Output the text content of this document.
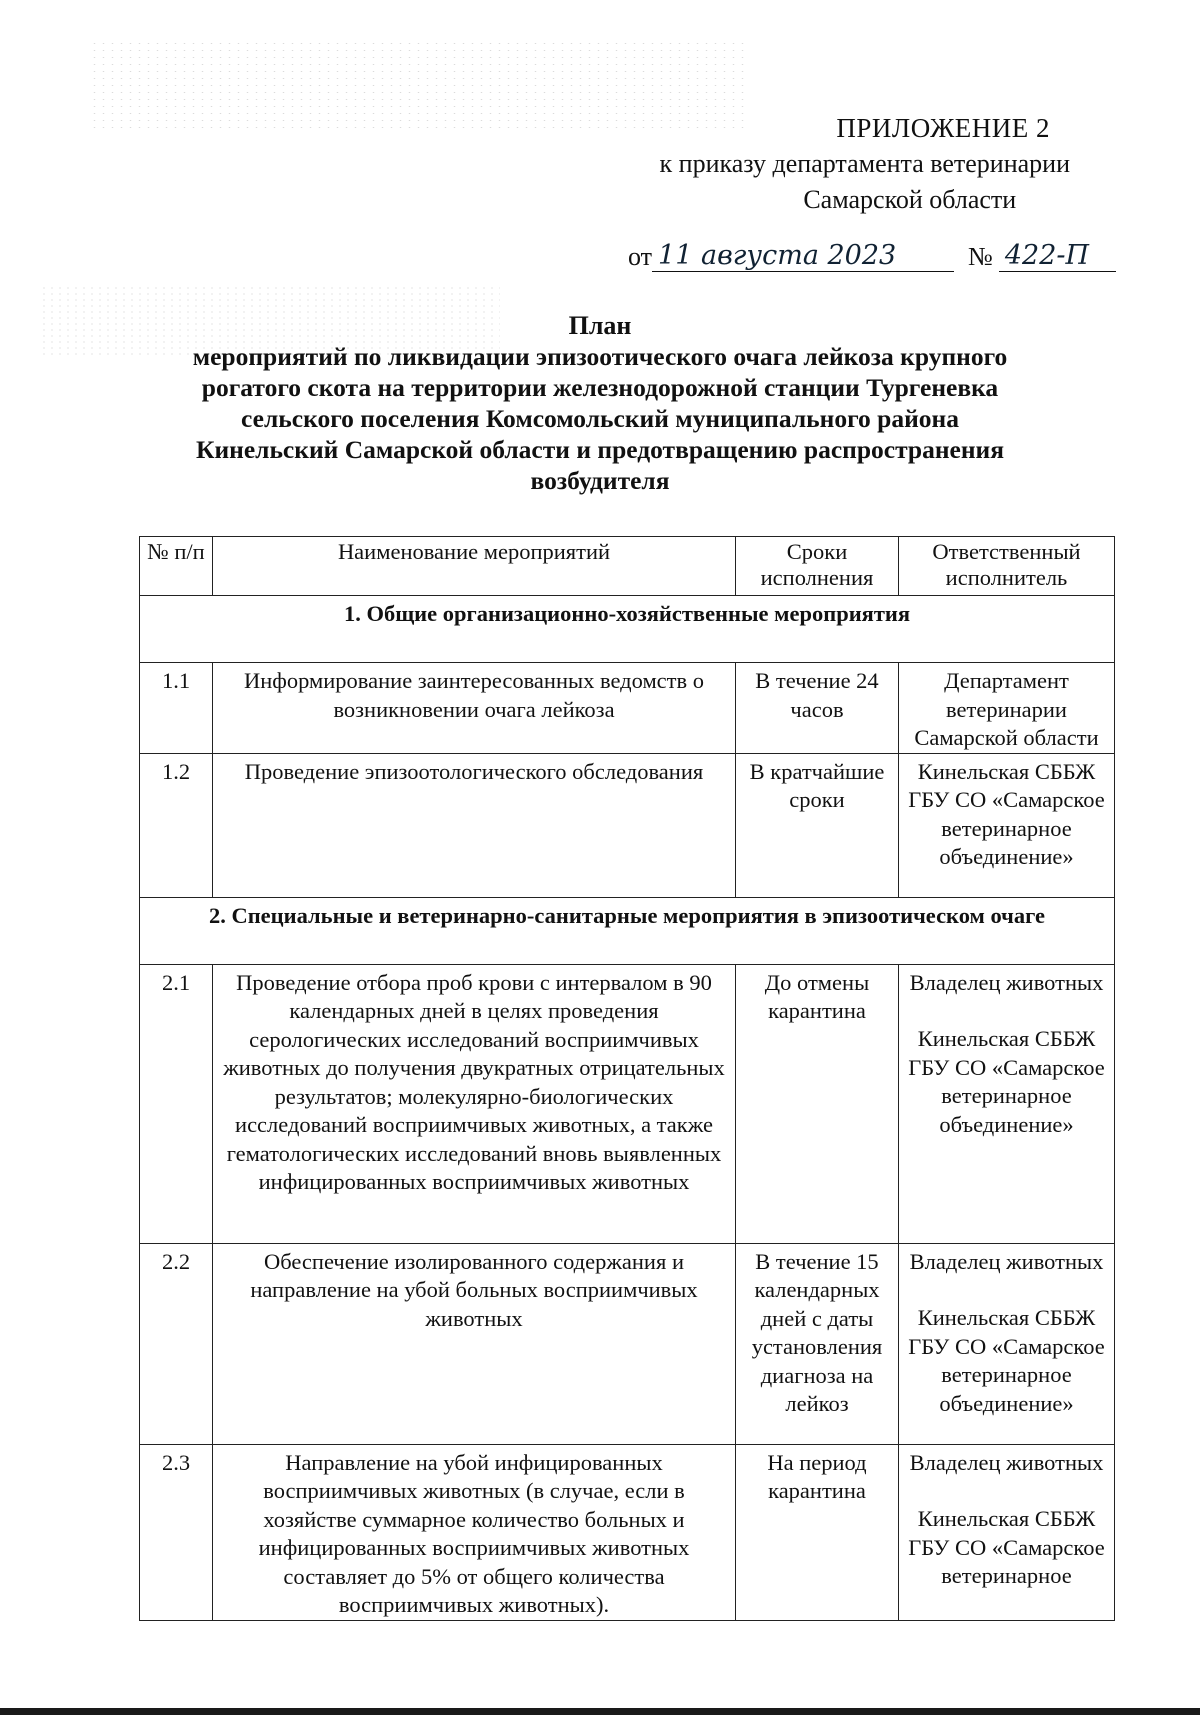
ПРИЛОЖЕНИЕ 2
к приказу департамента ветеринарии
Самарской области
от 11 августа 2023	№ 422-П
План
мероприятий по ликвидации эпизоотического очага лейкоза крупного
рогатого скота на территории железнодорожной станции Тургеневка
сельского поселения Комсомольский муниципального района
Кинельский Самарской области и предотвращению распространения
возбудителя
№ п/п	Наименование мероприятий	Сроки исполнения	Ответственный исполнитель
1. Общие организационно-хозяйственные мероприятия			
1.1	Информирование заинтересованных ведомств о возникновении очага лейкоза	В течение 24 часов	Департамент ветеринарии Самарской области
1.2	Проведение эпизоотологического обследования	В кратчайшие сроки	Кинельская СББЖ ГБУ СО «Самарское ветеринарное объединение»
2. Специальные и ветеринарно-санитарные мероприятия в эпизоотическом очаге			
2.1	Проведение отбора проб крови с интервалом в 90 календарных дней в целях проведения серологических исследований восприимчивых животных до получения двукратных отрицательных результатов; молекулярно-биологических исследований восприимчивых животных, а также гематологических исследований вновь выявленных инфицированных восприимчивых животных	До отмены карантина	Владелец животных
Кинельская СББЖ ГБУ СО «Самарское ветеринарное объединение»
2.2	Обеспечение изолированного содержания и направление на убой больных восприимчивых животных	В течение 15 календарных дней с даты установления диагноза на лейкоз	Владелец животных
Кинельская СББЖ ГБУ СО «Самарское ветеринарное объединение»
2.3	Направление на убой инфицированных восприимчивых животных (в случае, если в хозяйстве суммарное количество больных и инфицированных восприимчивых животных составляет до 5% от общего количества восприимчивых животных).	На период карантина	Владелец животных
Кинельская СББЖ ГБУ СО «Самарское ветеринарное
